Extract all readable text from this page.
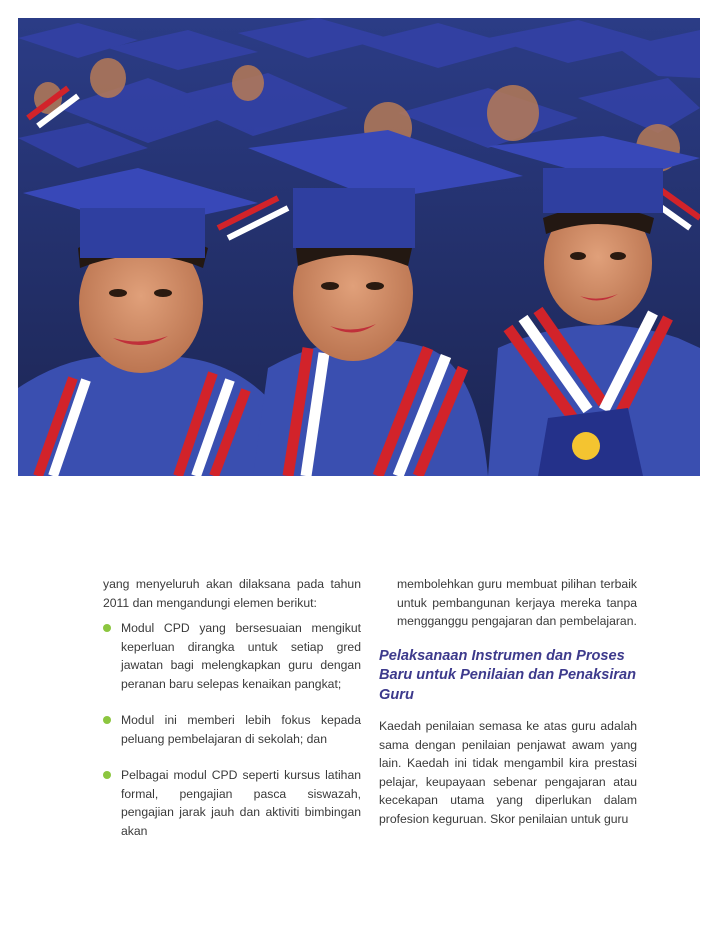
yang menyeluruh akan dilaksana pada tahun 2011 dan mengandungi elemen berikut:

Modul CPD yang bersesuaian mengikut keperluan dirangka untuk setiap gred jawatan bagi melengkapkan guru dengan peranan baru selepas kenaikan pangkat;
Modul ini memberi lebih fokus kepada peluang pembelajaran di sekolah; dan
Pelbagai modul CPD seperti kursus latihan formal, pengajian pasca siswazah, pengajian jarak jauh dan aktiviti bimbingan akan

membolehkan guru membuat pilihan terbaik untuk pembangunan kerjaya mereka tanpa mengganggu pengajaran dan pembelajaran.

Pelaksanaan Instrumen dan Proses Baru untuk Penilaian dan Penaksiran Guru

Kaedah penilaian semasa ke atas guru adalah sama dengan penilaian penjawat awam yang lain. Kaedah ini tidak mengambil kira prestasi pelajar, keupayaan sebenar pengajaran atau kecekapan utama yang diperlukan dalam profesion keguruan. Skor penilaian untuk guru
